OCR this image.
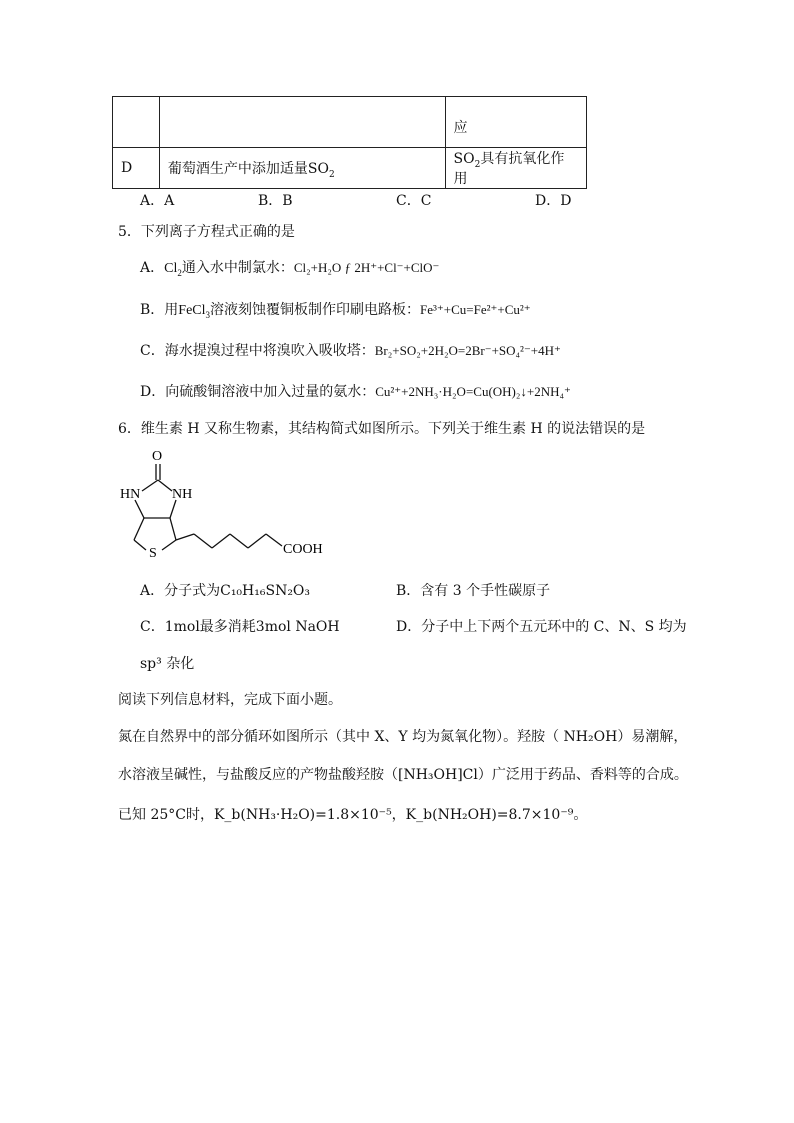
		应
D	葡萄酒生产中添加适量$SO_2$	$SO_2$具有抗氧化作用
A．A	B．B	C．C	D．D
5．下列离子方程式正确的是
A．$Cl_2$通入水中制氯水：Cl₂+H₂O ƒ 2H⁺+Cl⁻+ClO⁻
B．用FeCl$_3$溶液刻蚀覆铜板制作印刷电路板：Fe³⁺+Cu=Fe²⁺+Cu²⁺
C．海水提溴过程中将溴吹入吸收塔：Br₂+SO₂+2H₂O=2Br⁻+SO₄²⁻+4H⁺
D．向硫酸铜溶液中加入过量的氨水：Cu²⁺+2NH₃·H₂O=Cu(OH)₂↓+2NH₄⁺
6．维生素 H 又称生物素，其结构简式如图所示。下列关于维生素 H 的说法错误的是
O
HN NH
S	COOH
A．分子式为C₁₀H₁₆SN₂O₃	B．含有 3 个手性碳原子
C．1mol最多消耗3mol NaOH	D．分子中上下两个五元环中的 C、N、S 均为
sp³ 杂化
阅读下列信息材料，完成下面小题。
氮在自然界中的部分循环如图所示（其中 X、Y 均为氮氧化物）。羟胺（ NH₂OH）易潮解，
水溶液呈碱性，与盐酸反应的产物盐酸羟胺（[NH₃OH]Cl）广泛用于药品、香料等的合成。
已知 25°C时，K_b(NH₃·H₂O)=1.8×10⁻⁵，K_b(NH₂OH)=8.7×10⁻⁹。
